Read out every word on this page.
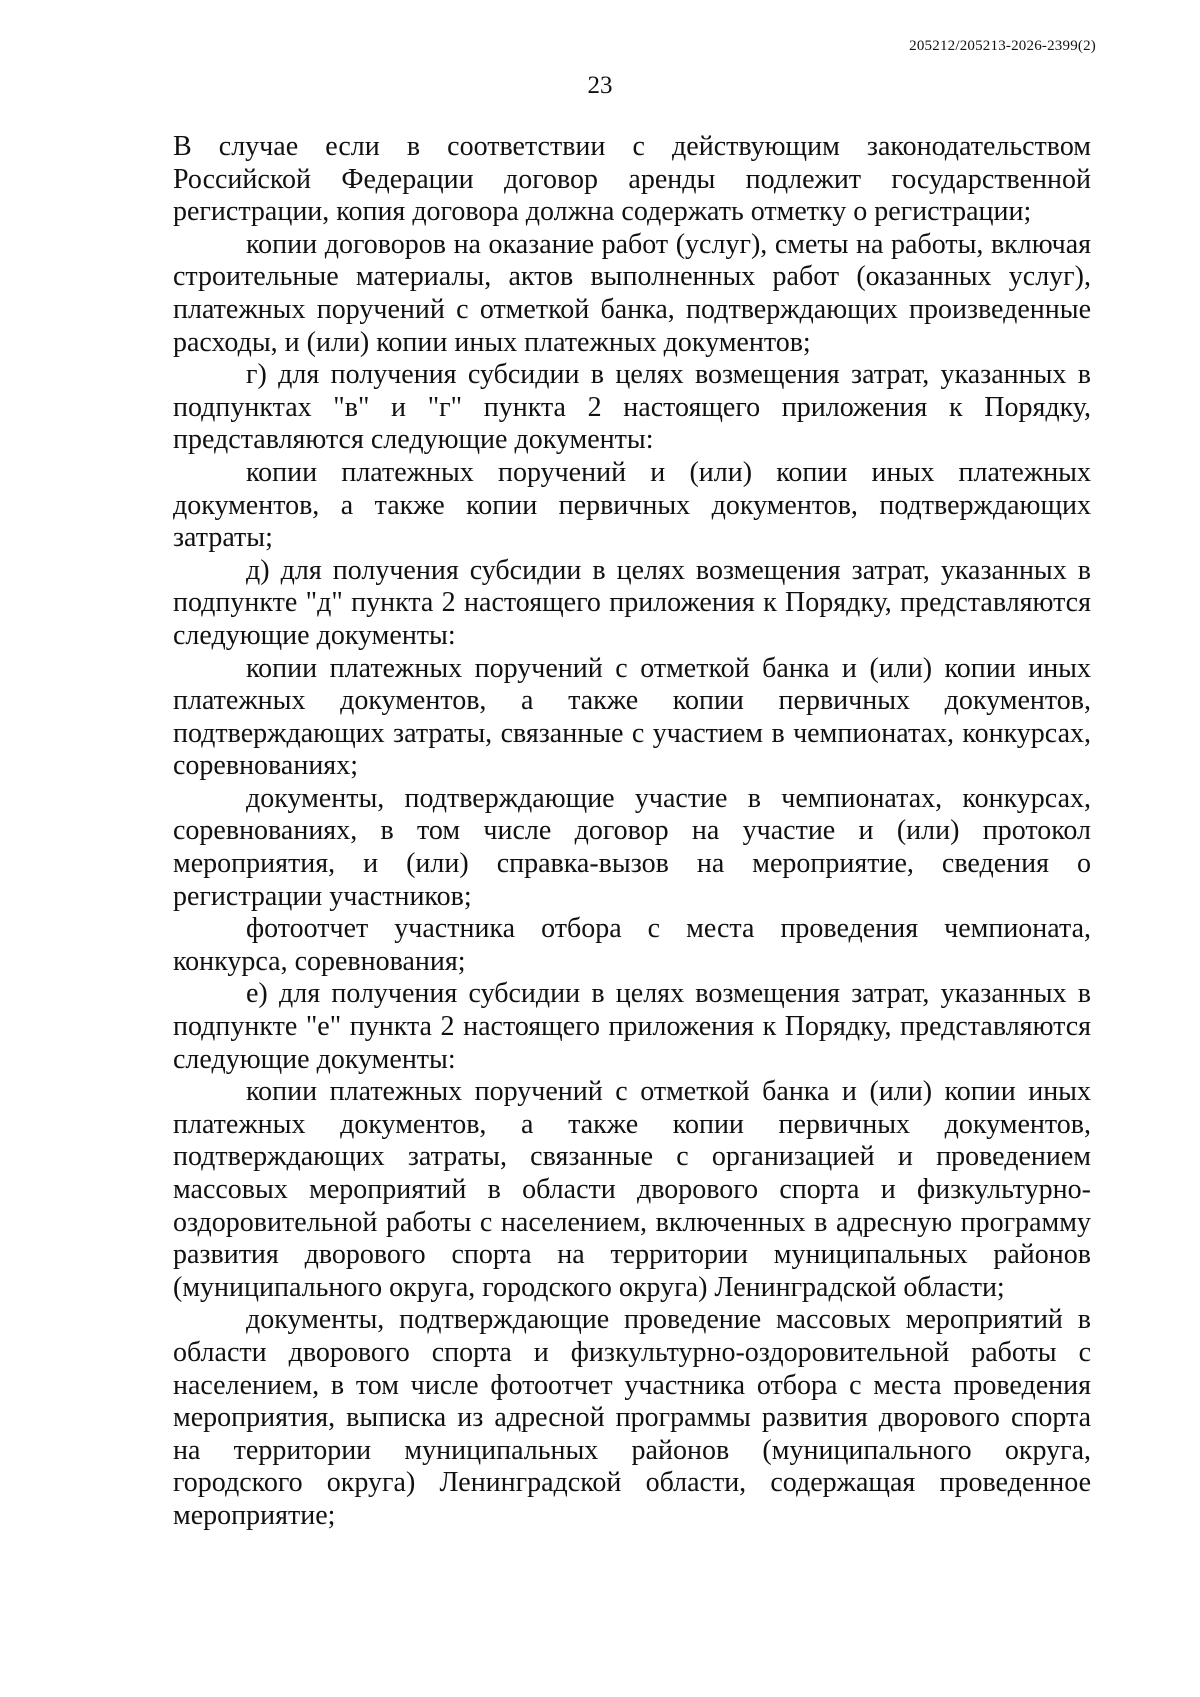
205212/205213-2026-2399(2)
23

В случае если в соответствии с действующим законодательством Российской Федерации договор аренды подлежит государственной регистрации, копия договора должна содержать отметку о регистрации;

копии договоров на оказание работ (услуг), сметы на работы, включая строительные материалы, актов выполненных работ (оказанных услуг), платежных поручений с отметкой банка, подтверждающих произведенные расходы, и (или) копии иных платежных документов;

г) для получения субсидии в целях возмещения затрат, указанных в подпунктах "в" и "г" пункта 2 настоящего приложения к Порядку, представляются следующие документы:

копии платежных поручений и (или) копии иных платежных документов, а также копии первичных документов, подтверждающих затраты;

д) для получения субсидии в целях возмещения затрат, указанных в подпункте "д" пункта 2 настоящего приложения к Порядку, представляются следующие документы:

копии платежных поручений с отметкой банка и (или) копии иных платежных документов, а также копии первичных документов, подтверждающих затраты, связанные с участием в чемпионатах, конкурсах, соревнованиях;

документы, подтверждающие участие в чемпионатах, конкурсах, соревнованиях, в том числе договор на участие и (или) протокол мероприятия, и (или) справка-вызов на мероприятие, сведения о регистрации участников;

фотоотчет участника отбора с места проведения чемпионата, конкурса, соревнования;

е) для получения субсидии в целях возмещения затрат, указанных в подпункте "е" пункта 2 настоящего приложения к Порядку, представляются следующие документы:

копии платежных поручений с отметкой банка и (или) копии иных платежных документов, а также копии первичных документов, подтверждающих затраты, связанные с организацией и проведением массовых мероприятий в области дворового спорта и физкультурно-оздоровительной работы с населением, включенных в адресную программу развития дворового спорта на территории муниципальных районов (муниципального округа, городского округа) Ленинградской области;

документы, подтверждающие проведение массовых мероприятий в области дворового спорта и физкультурно-оздоровительной работы с населением, в том числе фотоотчет участника отбора с места проведения мероприятия, выписка из адресной программы развития дворового спорта на территории муниципальных районов (муниципального округа, городского округа) Ленинградской области, содержащая проведенное мероприятие;
